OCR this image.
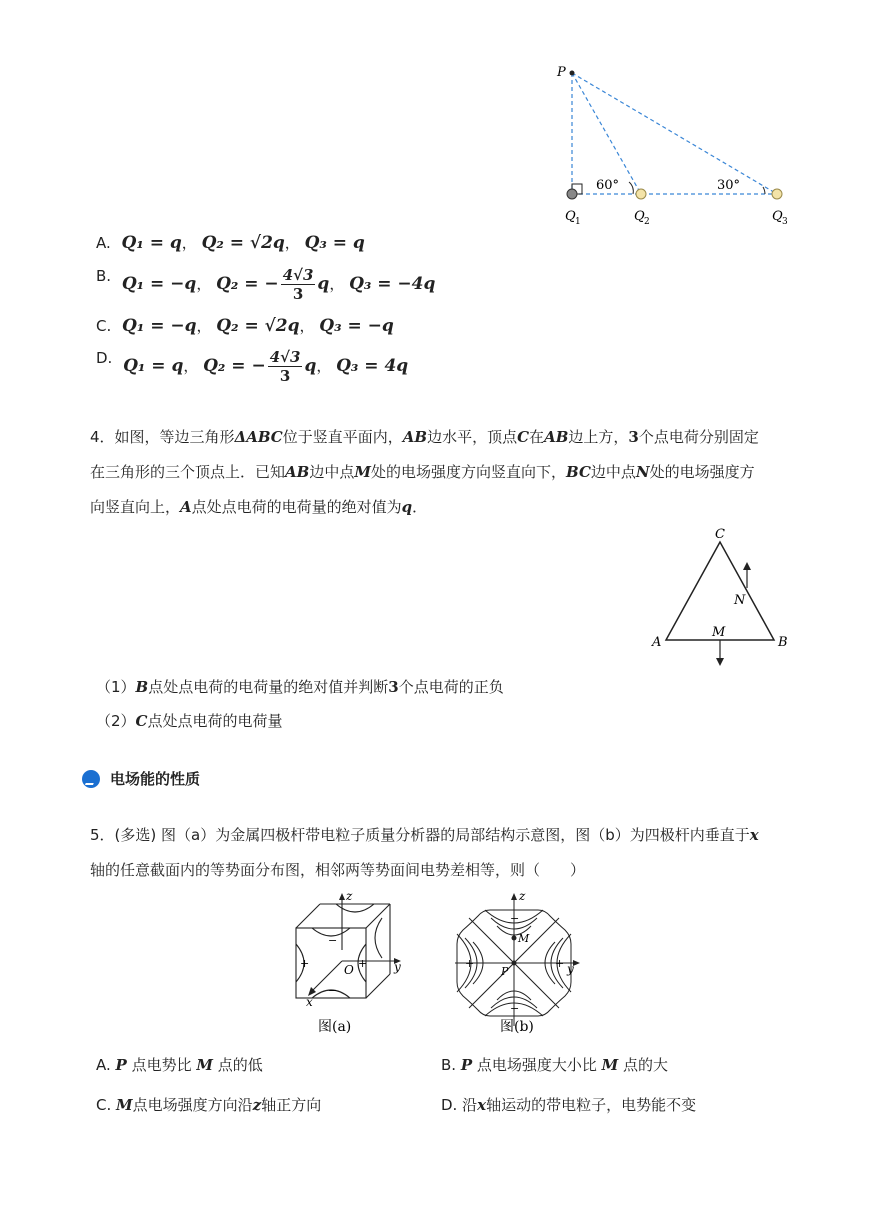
P
60°	30°
Q 1	Q 2	Q 3
A. Q₁ = q， Q₂ = √2q， Q₃ = q
B. Q₁ = −q， Q₂ = − $\frac{4√3}{3}$ q， Q₃ = −4q
C. Q₁ = −q， Q₂ = √2q， Q₃ = −q
D. Q₁ = q， Q₂ = − $\frac{4√3}{3}$ q， Q₃ = 4q
4．如图，等边三角形ΔABC位于竖直平面内，AB边水平，顶点C在AB边上方，3个点电荷分别固定
在三角形的三个顶点上．已知AB边中点M处的电场强度方向竖直向下，BC边中点N处的电场强度方
向竖直向上，A点处点电荷的电荷量的绝对值为q．
C
A	B
M
N
（1）B点处点电荷的电荷量的绝对值并判断3个点电荷的正负
（2）C点处点电荷的电荷量
电场能的性质
5．(多选) 图（a）为金属四极杆带电粒子质量分析器的局部结构示意图，图（b）为四极杆内垂直于x
轴的任意截面内的等势面分布图，相邻两等势面间电势差相等，则（　　）
z
y
x
O
+	+
−
−
图(a)
z
y
M
P
+	+
−
−
图(b)
A. P 点电势比 M 点的低	B. P 点电场强度大小比 M 点的大
C. M点电场强度方向沿z轴正方向	D. 沿x轴运动的带电粒子，电势能不变
